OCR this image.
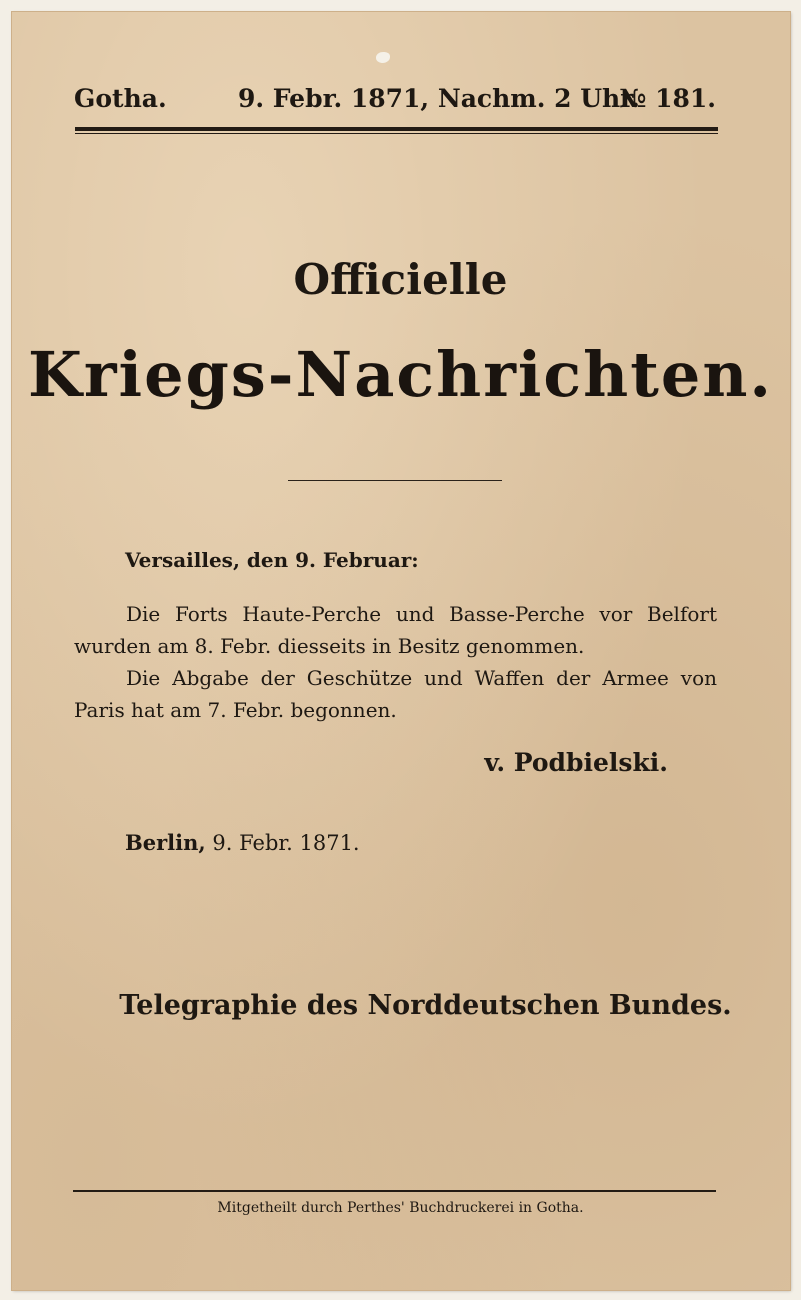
Gotha.	9. Febr. 1871, Nachm. 2 Uhr.
№ 181.
Officielle
Kriegs-Nachrichten.
Versailles, den 9. Februar:
Die Forts Haute-Perche und Basse-Perche vor Belfort wurden am 8. Febr. diesseits in Besitz genommen.
Die Abgabe der Geschütze und Waffen der Armee von Paris hat am 7. Febr. begonnen.
v. Podbielski.
Berlin, 9. Febr. 1871.
Telegraphie des Norddeutschen Bundes.
Mitgetheilt durch Perthes' Buchdruckerei in Gotha.
